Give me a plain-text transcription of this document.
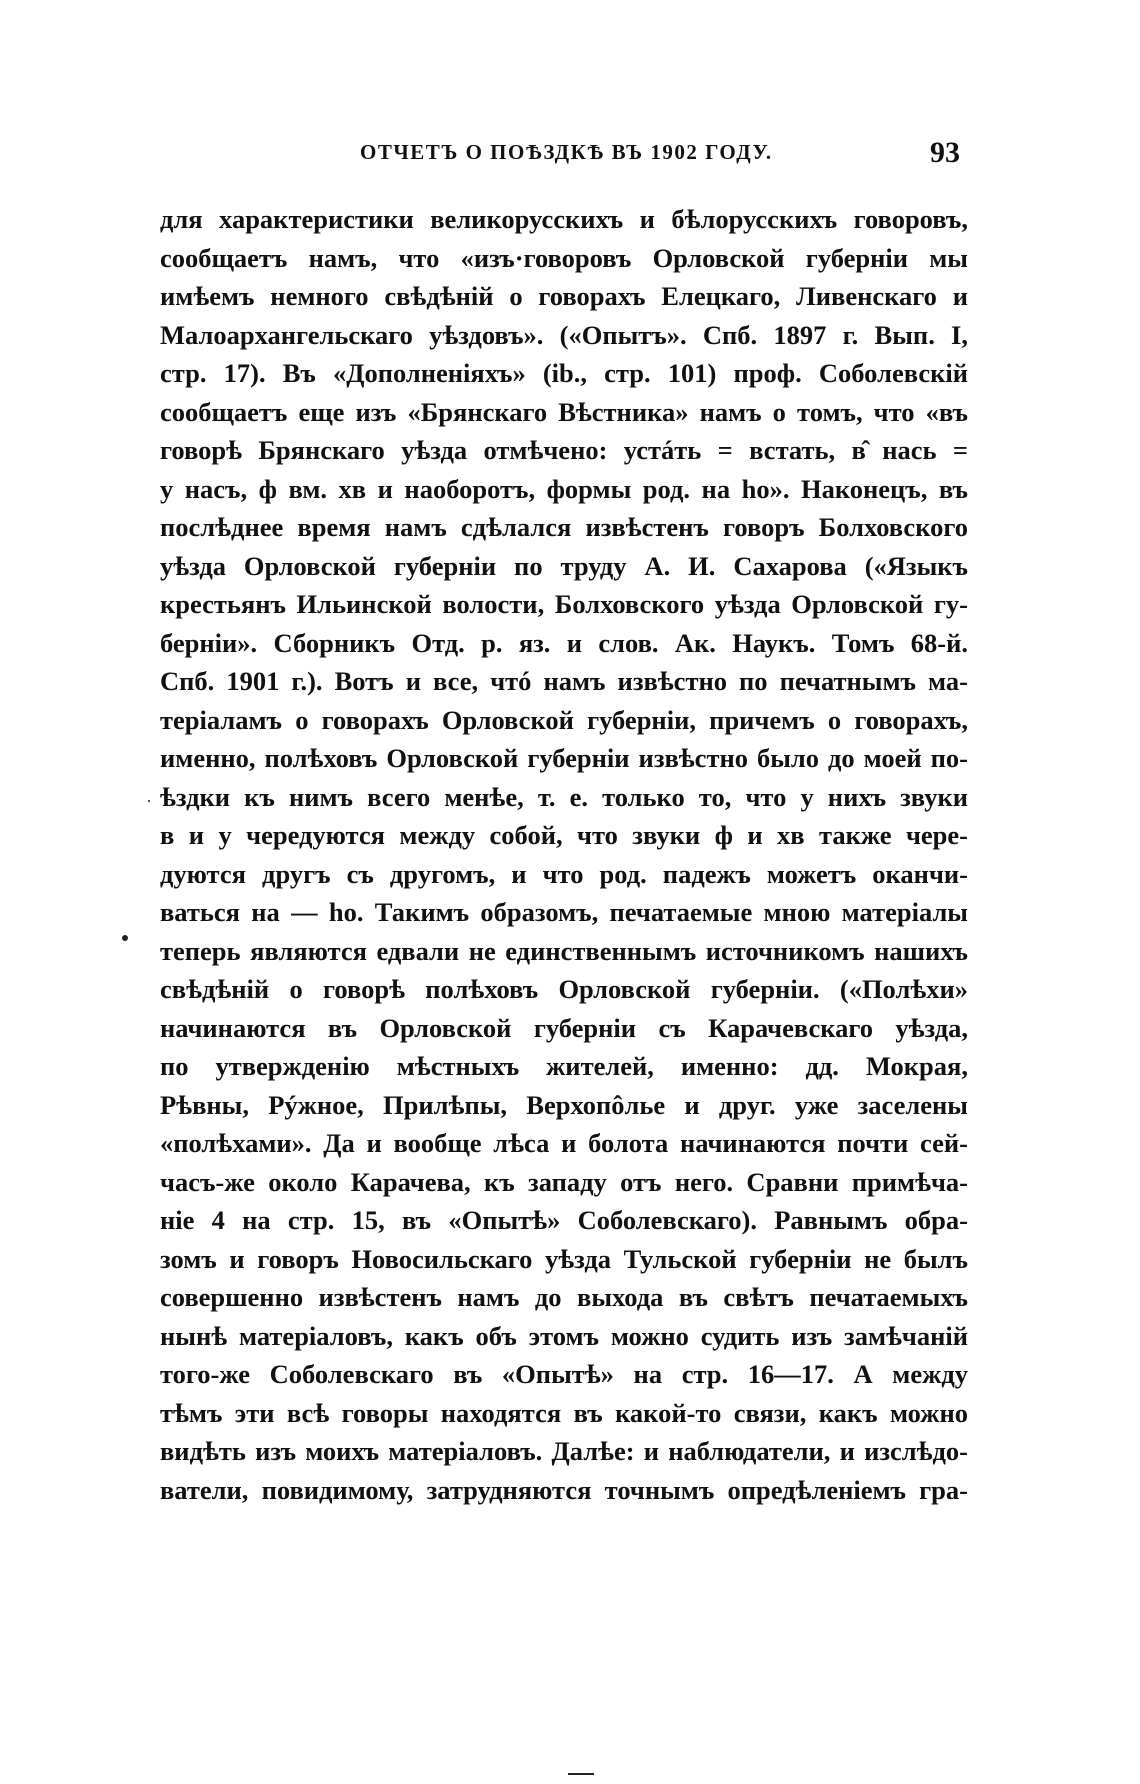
ОТЧЕТЪ О ПОѢЗДКѢ ВЪ 1902 ГОДУ.	93
для характеристики великорусскихъ и бѣлорусскихъ говоровъ,
сообщаетъ намъ, что «изъ·говоровъ Орловской губерніи мы
имѣемъ немного свѣдѣній о говорахъ Елецкаго, Ливенскаго и
Малоархангельскаго уѣздовъ». («Опытъ». Спб. 1897 г. Вып. I,
стр. 17). Въ «Дополненіяхъ» (ib., стр. 101) проф. Соболевскій
сообщаетъ еще изъ «Брянскаго Вѣстника» намъ о томъ, что «въ
говорѣ Брянскаго уѣзда отмѣчено: устáть = встать, в̂ нась =
у насъ, ф вм. хв и наоборотъ, формы род. на ho». Наконецъ, въ
послѣднее время намъ сдѣлался извѣстенъ говоръ Болховского
уѣзда Орловской губерніи по труду А. И. Сахарова («Языкъ
крестьянъ Ильинской волости, Болховского уѣзда Орловской гу-
берніи». Сборникъ Отд. р. яз. и слов. Ак. Наукъ. Томъ 68-й.
Спб. 1901 г.). Вотъ и все, чтó намъ извѣстно по печатнымъ ма-
теріаламъ о говорахъ Орловской губерніи, причемъ о говорахъ,
именно, полѣховъ Орловской губерніи извѣстно было до моей по-
ѣздки къ нимъ всего менѣе, т. е. только то, что у нихъ звуки
в и у чередуются между собой, что звуки ф и хв также чере-
дуются другъ съ другомъ, и что род. падежъ можетъ оканчи-
ваться на — ho. Такимъ образомъ, печатаемые мною матеріалы
теперь являются едвали не единственнымъ источникомъ нашихъ
свѣдѣній о говорѣ полѣховъ Орловской губерніи. («Полѣхи»
начинаются въ Орловской губерніи съ Карачевскаго уѣзда,
по утвержденію мѣстныхъ жителей, именно: дд. Мокрая,
Рѣвны, Рýжное, Прилѣпы, Верхопôлье и друг. уже заселены
«полѣхами». Да и вообще лѣса и болота начинаются почти сей-
часъ-же около Карачева, къ западу отъ него. Сравни примѣча-
ніе 4 на стр. 15, въ «Опытѣ» Соболевскаго). Равнымъ обра-
зомъ и говоръ Новосильскаго уѣзда Тульской губерніи не былъ
совершенно извѣстенъ намъ до выхода въ свѣтъ печатаемыхъ
нынѣ матеріаловъ, какъ объ этомъ можно судить изъ замѣчаній
того-же Соболевскаго въ «Опытѣ» на стр. 16—17. А между
тѣмъ эти всѣ говоры находятся въ какой-то связи, какъ можно
видѣть изъ моихъ матеріаловъ. Далѣе: и наблюдатели, и изслѣдо-
ватели, повидимому, затрудняются точнымъ опредѣленіемъ гра-
